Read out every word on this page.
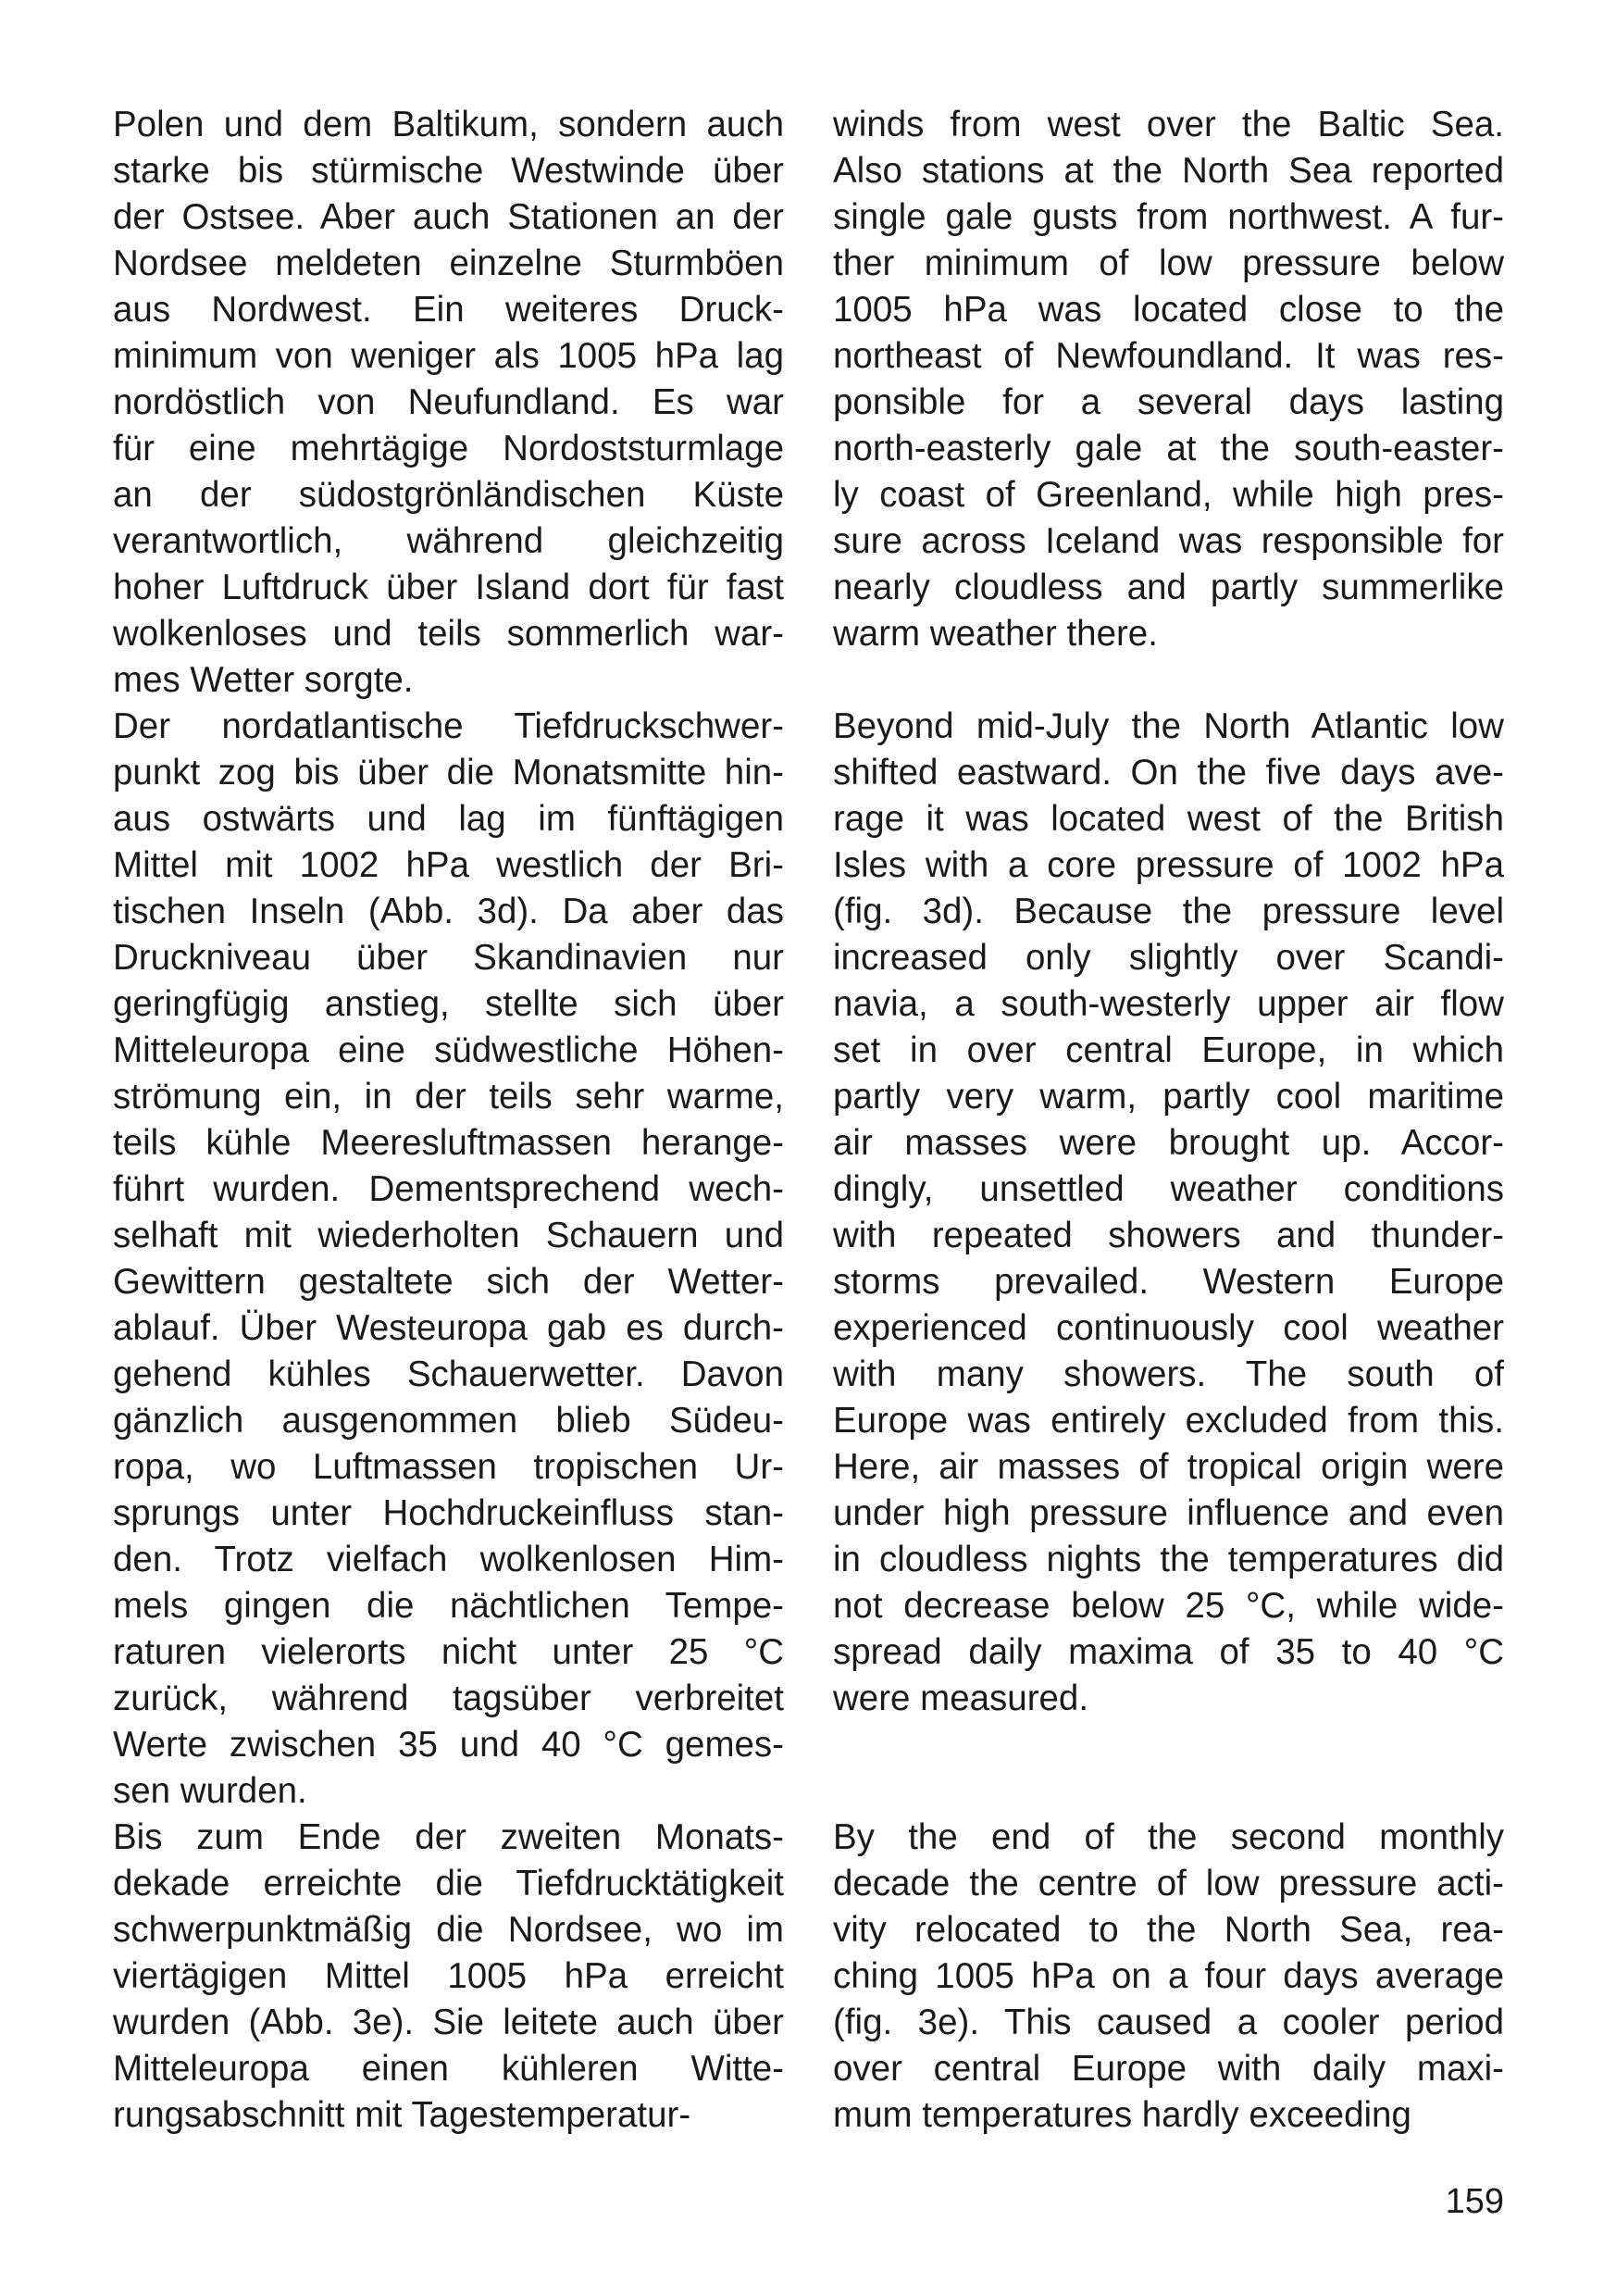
Polen und dem Baltikum, sondern auch
starke bis stürmische Westwinde über
der Ostsee. Aber auch Stationen an der
Nordsee meldeten einzelne Sturmböen
aus Nordwest. Ein weiteres Druck-
minimum von weniger als 1005 hPa lag
nordöstlich von Neufundland. Es war
für eine mehrtägige Nordoststurmlage
an der südostgrönländischen Küste
verantwortlich, während gleichzeitig
hoher Luftdruck über Island dort für fast
wolkenloses und teils sommerlich war-
mes Wetter sorgte.
Der nordatlantische Tiefdruckschwer-
punkt zog bis über die Monatsmitte hin-
aus ostwärts und lag im fünftägigen
Mittel mit 1002 hPa westlich der Bri-
tischen Inseln (Abb. 3d). Da aber das
Druckniveau über Skandinavien nur
geringfügig anstieg, stellte sich über
Mitteleuropa eine südwestliche Höhen-
strömung ein, in der teils sehr warme,
teils kühle Meeresluftmassen herange-
führt wurden. Dementsprechend wech-
selhaft mit wiederholten Schauern und
Gewittern gestaltete sich der Wetter-
ablauf. Über Westeuropa gab es durch-
gehend kühles Schauerwetter. Davon
gänzlich ausgenommen blieb Südeu-
ropa, wo Luftmassen tropischen Ur-
sprungs unter Hochdruckeinfluss stan-
den. Trotz vielfach wolkenlosen Him-
mels gingen die nächtlichen Tempe-
raturen vielerorts nicht unter 25 °C
zurück, während tagsüber verbreitet
Werte zwischen 35 und 40 °C gemes-
sen wurden.
Bis zum Ende der zweiten Monats-
dekade erreichte die Tiefdrucktätigkeit
schwerpunktmäßig die Nordsee, wo im
viertägigen Mittel 1005 hPa erreicht
wurden (Abb. 3e). Sie leitete auch über
Mitteleuropa einen kühleren Witte-
rungsabschnitt mit Tagestemperatur-
winds from west over the Baltic Sea.
Also stations at the North Sea reported
single gale gusts from northwest. A fur-
ther minimum of low pressure below
1005 hPa was located close to the
northeast of Newfoundland. It was res-
ponsible for a several days lasting
north-easterly gale at the south-easter-
ly coast of Greenland, while high pres-
sure across Iceland was responsible for
nearly cloudless and partly summerlike
warm weather there.
Beyond mid-July the North Atlantic low
shifted eastward. On the five days ave-
rage it was located west of the British
Isles with a core pressure of 1002 hPa
(fig. 3d). Because the pressure level
increased only slightly over Scandi-
navia, a south-westerly upper air flow
set in over central Europe, in which
partly very warm, partly cool maritime
air masses were brought up. Accor-
dingly, unsettled weather conditions
with repeated showers and thunder-
storms prevailed. Western Europe
experienced continuously cool weather
with many showers. The south of
Europe was entirely excluded from this.
Here, air masses of tropical origin were
under high pressure influence and even
in cloudless nights the temperatures did
not decrease below 25 °C, while wide-
spread daily maxima of 35 to 40 °C
were measured.
By the end of the second monthly
decade the centre of low pressure acti-
vity relocated to the North Sea, rea-
ching 1005 hPa on a four days average
(fig. 3e). This caused a cooler period
over central Europe with daily maxi-
mum temperatures hardly exceeding
159
